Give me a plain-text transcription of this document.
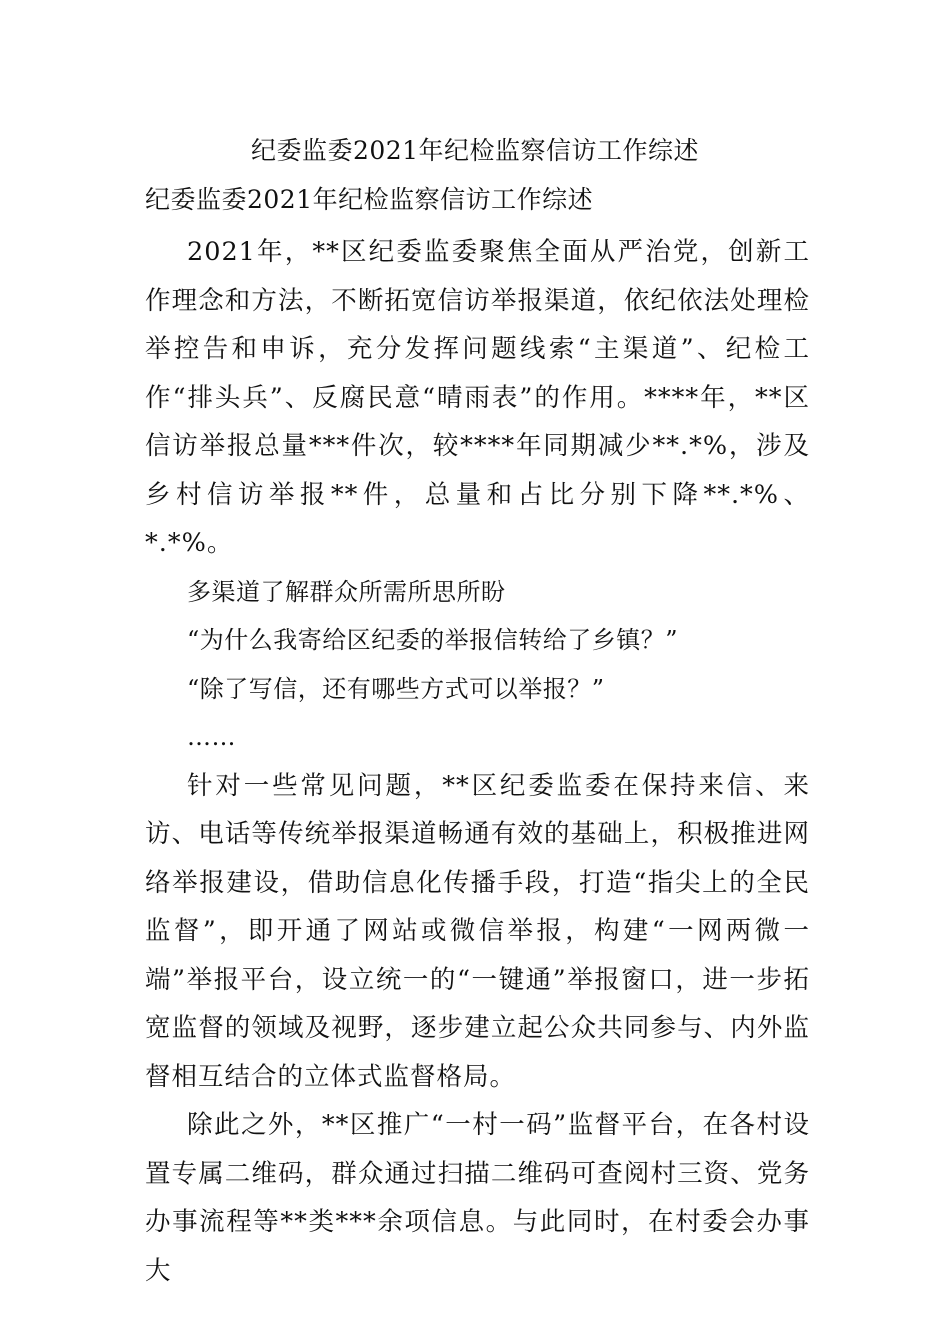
纪委监委2021年纪检监察信访工作综述
纪委监委2021年纪检监察信访工作综述

2021年，**区纪委监委聚焦全面从严治党，创新工作理念和方法，不断拓宽信访举报渠道，依纪依法处理检举控告和申诉，充分发挥问题线索“主渠道”、纪检工作“排头兵”、反腐民意“晴雨表”的作用。****年，**区信访举报总量***件次，较****年同期减少**.*%，涉及乡村信访举报**件，总量和占比分别下降**.*%、*.*%。

多渠道了解群众所需所思所盼

“为什么我寄给区纪委的举报信转给了乡镇？”

“除了写信，还有哪些方式可以举报？”

……

针对一些常见问题，**区纪委监委在保持来信、来访、电话等传统举报渠道畅通有效的基础上，积极推进网络举报建设，借助信息化传播手段，打造“指尖上的全民监督”，即开通了网站或微信举报，构建“一网两微一端”举报平台，设立统一的“一键通”举报窗口，进一步拓宽监督的领域及视野，逐步建立起公众共同参与、内外监督相互结合的立体式监督格局。

除此之外，**区推广“一村一码”监督平台，在各村设置专属二维码，群众通过扫描二维码可查阅村三资、党务办事流程等**类***余项信息。与此同时，在村委会办事大
